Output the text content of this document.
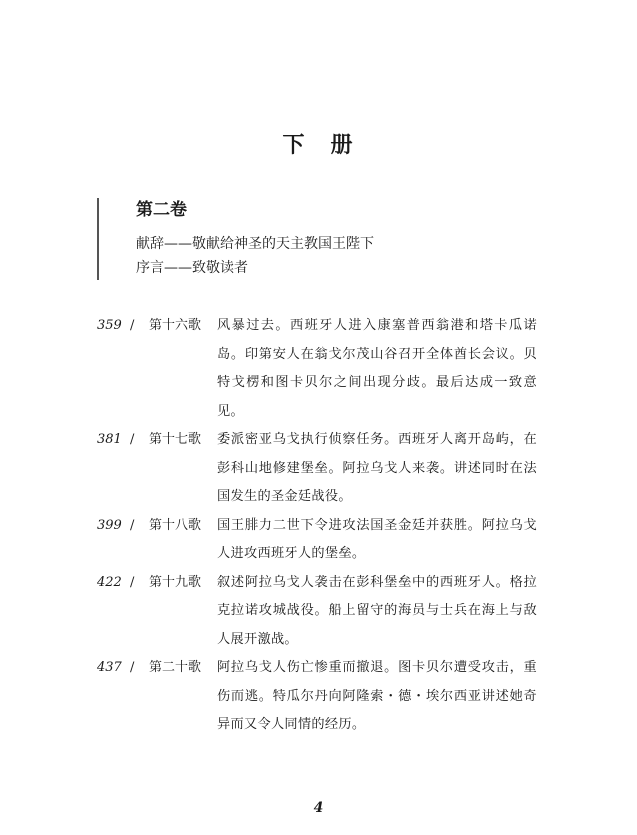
下　册
第二卷
献辞——敬献给神圣的天主教国王陛下
序言——致敬读者
359 / 第十六歌 风暴过去。西班牙人进入康塞普西翁港和塔卡瓜诺岛。印第安人在翁戈尔茂山谷召开全体酋长会议。贝特戈楞和图卡贝尔之间出现分歧。最后达成一致意见。
381 / 第十七歌 委派密亚乌戈执行侦察任务。西班牙人离开岛屿，在彭科山地修建堡垒。阿拉乌戈人来袭。讲述同时在法国发生的圣金廷战役。
399 / 第十八歌 国王腓力二世下令进攻法国圣金廷并获胜。阿拉乌戈人进攻西班牙人的堡垒。
422 / 第十九歌 叙述阿拉乌戈人袭击在彭科堡垒中的西班牙人。格拉克拉诺攻城战役。船上留守的海员与士兵在海上与敌人展开激战。
437 / 第二十歌 阿拉乌戈人伤亡惨重而撤退。图卡贝尔遭受攻击，重伤而逃。特瓜尔丹向阿隆索・德・埃尔西亚讲述她奇异而又令人同情的经历。
4
